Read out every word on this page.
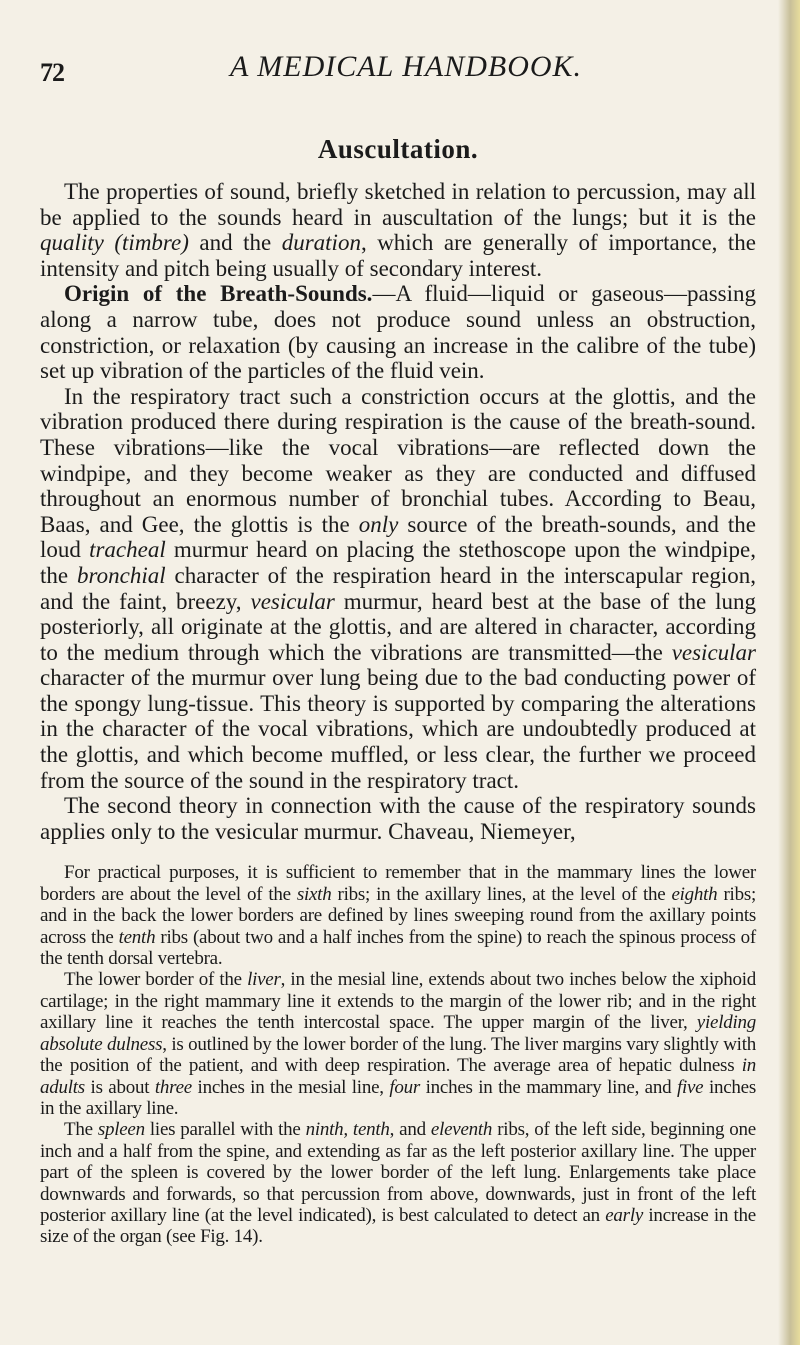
72	A MEDICAL HANDBOOK.
Auscultation.

The properties of sound, briefly sketched in relation to percussion, may all be applied to the sounds heard in auscultation of the lungs; but it is the quality (timbre) and the duration, which are generally of importance, the intensity and pitch being usually of secondary interest.

Origin of the Breath-Sounds.—A fluid—liquid or gaseous—passing along a narrow tube, does not produce sound unless an obstruction, constriction, or relaxation (by causing an increase in the calibre of the tube) set up vibration of the particles of the fluid vein.

In the respiratory tract such a constriction occurs at the glottis, and the vibration produced there during respiration is the cause of the breath-sound. These vibrations—like the vocal vibrations—are reflected down the windpipe, and they become weaker as they are conducted and diffused throughout an enormous number of bronchial tubes. According to Beau, Baas, and Gee, the glottis is the only source of the breath-sounds, and the loud tracheal murmur heard on placing the stethoscope upon the windpipe, the bronchial character of the respiration heard in the interscapular region, and the faint, breezy, vesicular murmur, heard best at the base of the lung posteriorly, all originate at the glottis, and are altered in character, according to the medium through which the vibrations are transmitted—the vesicular character of the murmur over lung being due to the bad conducting power of the spongy lung-tissue. This theory is supported by comparing the alterations in the character of the vocal vibrations, which are undoubtedly produced at the glottis, and which become muffled, or less clear, the further we proceed from the source of the sound in the respiratory tract.

The second theory in connection with the cause of the respiratory sounds applies only to the vesicular murmur. Chaveau, Niemeyer,

For practical purposes, it is sufficient to remember that in the mammary lines the lower borders are about the level of the sixth ribs; in the axillary lines, at the level of the eighth ribs; and in the back the lower borders are defined by lines sweeping round from the axillary points across the tenth ribs (about two and a half inches from the spine) to reach the spinous process of the tenth dorsal vertebra.

The lower border of the liver, in the mesial line, extends about two inches below the xiphoid cartilage; in the right mammary line it extends to the margin of the lower rib; and in the right axillary line it reaches the tenth intercostal space. The upper margin of the liver, yielding absolute dulness, is outlined by the lower border of the lung. The liver margins vary slightly with the position of the patient, and with deep respiration. The average area of hepatic dulness in adults is about three inches in the mesial line, four inches in the mammary line, and five inches in the axillary line.

The spleen lies parallel with the ninth, tenth, and eleventh ribs, of the left side, beginning one inch and a half from the spine, and extending as far as the left posterior axillary line. The upper part of the spleen is covered by the lower border of the left lung. Enlargements take place downwards and forwards, so that percussion from above, downwards, just in front of the left posterior axillary line (at the level indicated), is best calculated to detect an early increase in the size of the organ (see Fig. 14).
